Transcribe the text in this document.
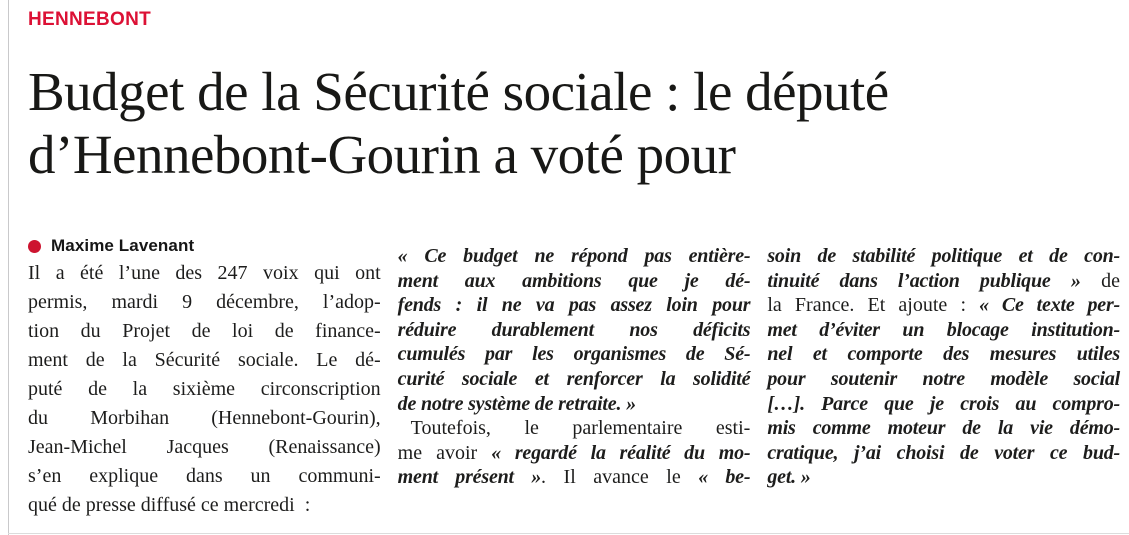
HENNEBONT
Budget de la Sécurité sociale : le député
d’Hennebont-Gourin a voté pour
Maxime Lavenant
Il a été l’une des 247 voix qui ont
permis, mardi 9 décembre, l’adop-
tion du Projet de loi de finance-
ment de la Sécurité sociale. Le dé-
puté de la sixième circonscription
du Morbihan (Hennebont-Gourin),
Jean-Michel Jacques (Renaissance)
s’en explique dans un communi-
qué de presse diffusé ce mercredi  :
« Ce budget ne répond pas entière-
ment aux ambitions que je dé-
fends : il ne va pas assez loin pour
réduire durablement nos déficits
cumulés par les organismes de Sé-
curité sociale et renforcer la solidité
de notre système de retraite. »
Toutefois, le parlementaire esti-
me avoir « regardé la réalité du mo-
ment présent ». Il avance le « be-
soin de stabilité politique et de con-
tinuité dans l’action publique » de
la France. Et ajoute : « Ce texte per-
met d’éviter un blocage institution-
nel et comporte des mesures utiles
pour soutenir notre modèle social
[…]. Parce que je crois au compro-
mis comme moteur de la vie démo-
cratique, j’ai choisi de voter ce bud-
get. »
